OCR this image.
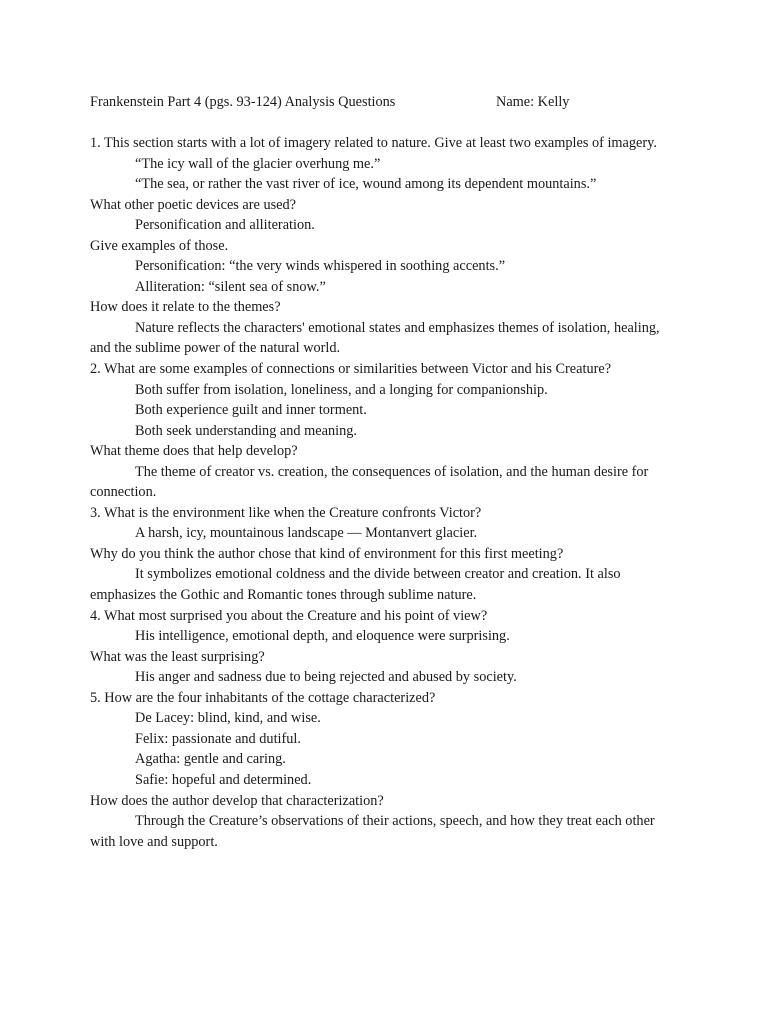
Frankenstein Part 4 (pgs. 93-124) Analysis Questions	Name: Kelly

1. This section starts with a lot of imagery related to nature. Give at least two examples of imagery.

“The icy wall of the glacier overhung me.”

“The sea, or rather the vast river of ice, wound among its dependent mountains.”

What other poetic devices are used?

Personification and alliteration.

Give examples of those.

Personification: “the very winds whispered in soothing accents.”

Alliteration: “silent sea of snow.”

How does it relate to the themes?

Nature reflects the characters' emotional states and emphasizes themes of isolation, healing, and the sublime power of the natural world.

2. What are some examples of connections or similarities between Victor and his Creature?

Both suffer from isolation, loneliness, and a longing for companionship.

Both experience guilt and inner torment.

Both seek understanding and meaning.

What theme does that help develop?

The theme of creator vs. creation, the consequences of isolation, and the human desire for connection.

3. What is the environment like when the Creature confronts Victor?

A harsh, icy, mountainous landscape — Montanvert glacier.

Why do you think the author chose that kind of environment for this first meeting?

It symbolizes emotional coldness and the divide between creator and creation. It also emphasizes the Gothic and Romantic tones through sublime nature.

4. What most surprised you about the Creature and his point of view?

His intelligence, emotional depth, and eloquence were surprising.

What was the least surprising?

His anger and sadness due to being rejected and abused by society.

5. How are the four inhabitants of the cottage characterized?

De Lacey: blind, kind, and wise.

Felix: passionate and dutiful.

Agatha: gentle and caring.

Safie: hopeful and determined.

How does the author develop that characterization?

Through the Creature’s observations of their actions, speech, and how they treat each other with love and support.
